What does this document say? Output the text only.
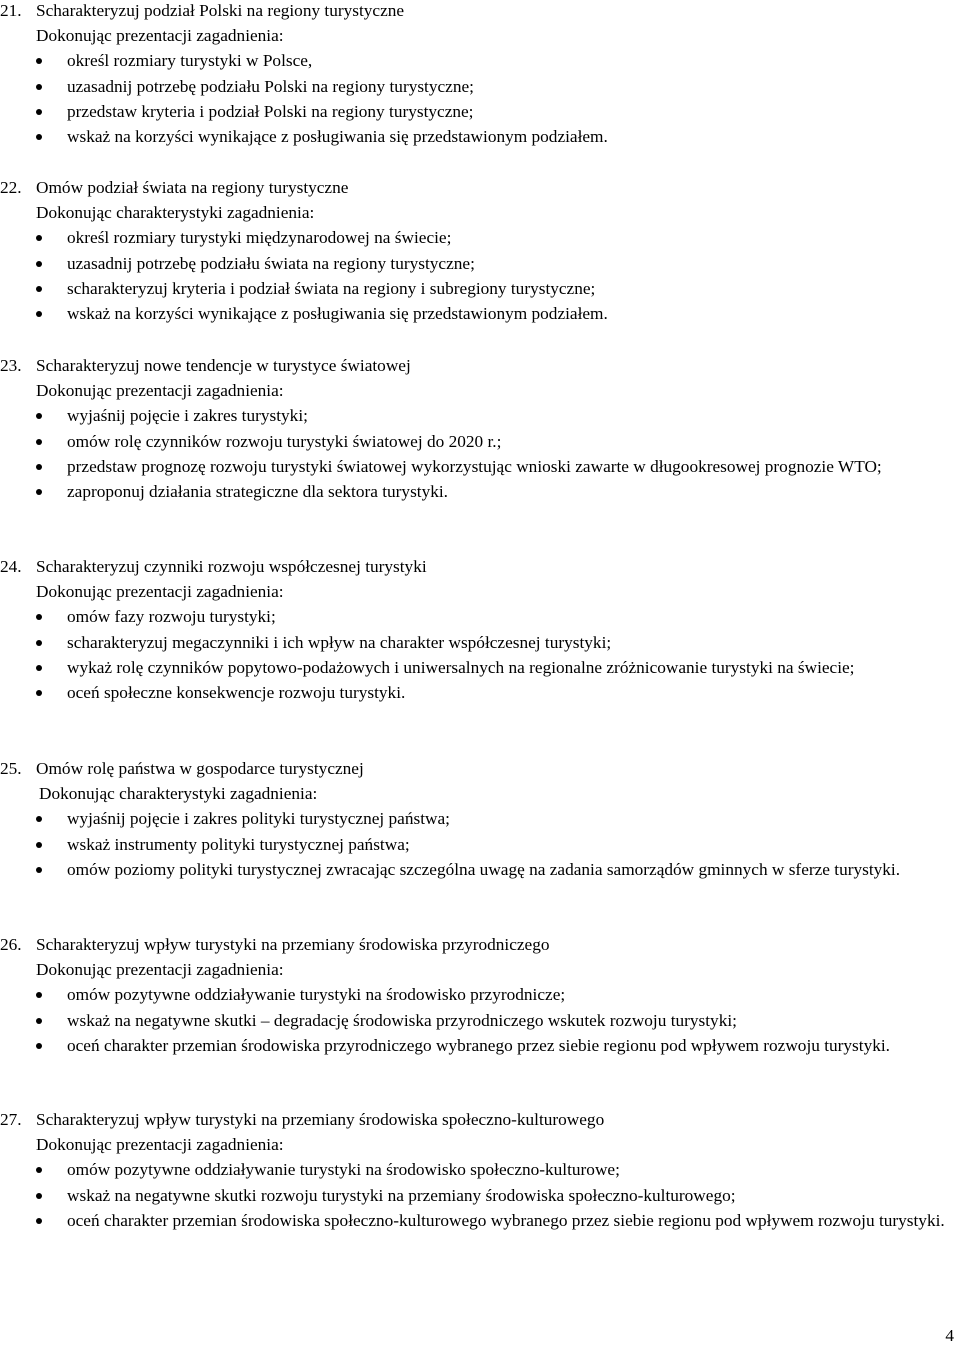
21. Scharakteryzuj podział Polski na regiony turystyczne
Dokonując prezentacji zagadnienia:
określ rozmiary turystyki w Polsce,
uzasadnij potrzebę podziału Polski na regiony turystyczne;
przedstaw kryteria i podział Polski na regiony turystyczne;
wskaż na korzyści wynikające z posługiwania się przedstawionym podziałem.
22. Omów podział świata na regiony turystyczne
Dokonując charakterystyki zagadnienia:
określ rozmiary turystyki międzynarodowej na świecie;
uzasadnij potrzebę podziału świata na regiony turystyczne;
scharakteryzuj kryteria i podział świata na regiony i subregiony turystyczne;
wskaż na korzyści wynikające z posługiwania się przedstawionym podziałem.
23. Scharakteryzuj nowe tendencje w turystyce światowej
Dokonując prezentacji zagadnienia:
wyjaśnij pojęcie i zakres turystyki;
omów rolę czynników rozwoju turystyki światowej do 2020 r.;
przedstaw prognozę rozwoju turystyki światowej wykorzystując wnioski zawarte w długookresowej prognozie WTO;
zaproponuj działania strategiczne dla sektora turystyki.
24. Scharakteryzuj czynniki rozwoju współczesnej turystyki
Dokonując prezentacji zagadnienia:
omów fazy rozwoju turystyki;
scharakteryzuj megaczynniki i ich wpływ na charakter współczesnej turystyki;
wykaż rolę czynników popytowo-podażowych i uniwersalnych na regionalne zróżnicowanie turystyki na świecie;
oceń społeczne konsekwencje rozwoju turystyki.
25. Omów rolę państwa w gospodarce turystycznej
Dokonując charakterystyki zagadnienia:
wyjaśnij pojęcie i zakres polityki turystycznej państwa;
wskaż instrumenty polityki turystycznej państwa;
omów poziomy polityki turystycznej zwracając szczególna uwagę na zadania samorządów gminnych w sferze turystyki.
26. Scharakteryzuj wpływ turystyki na przemiany środowiska przyrodniczego
Dokonując prezentacji zagadnienia:
omów pozytywne oddziaływanie turystyki na środowisko przyrodnicze;
wskaż na negatywne skutki – degradację środowiska przyrodniczego wskutek rozwoju turystyki;
oceń charakter przemian środowiska przyrodniczego wybranego przez siebie regionu pod wpływem rozwoju turystyki.
27. Scharakteryzuj wpływ turystyki na przemiany środowiska społeczno-kulturowego
Dokonując prezentacji zagadnienia:
omów pozytywne oddziaływanie turystyki na środowisko społeczno-kulturowe;
wskaż na negatywne skutki rozwoju turystyki na przemiany środowiska społeczno-kulturowego;
oceń charakter przemian środowiska społeczno-kulturowego wybranego przez siebie regionu pod wpływem rozwoju turystyki.
4
